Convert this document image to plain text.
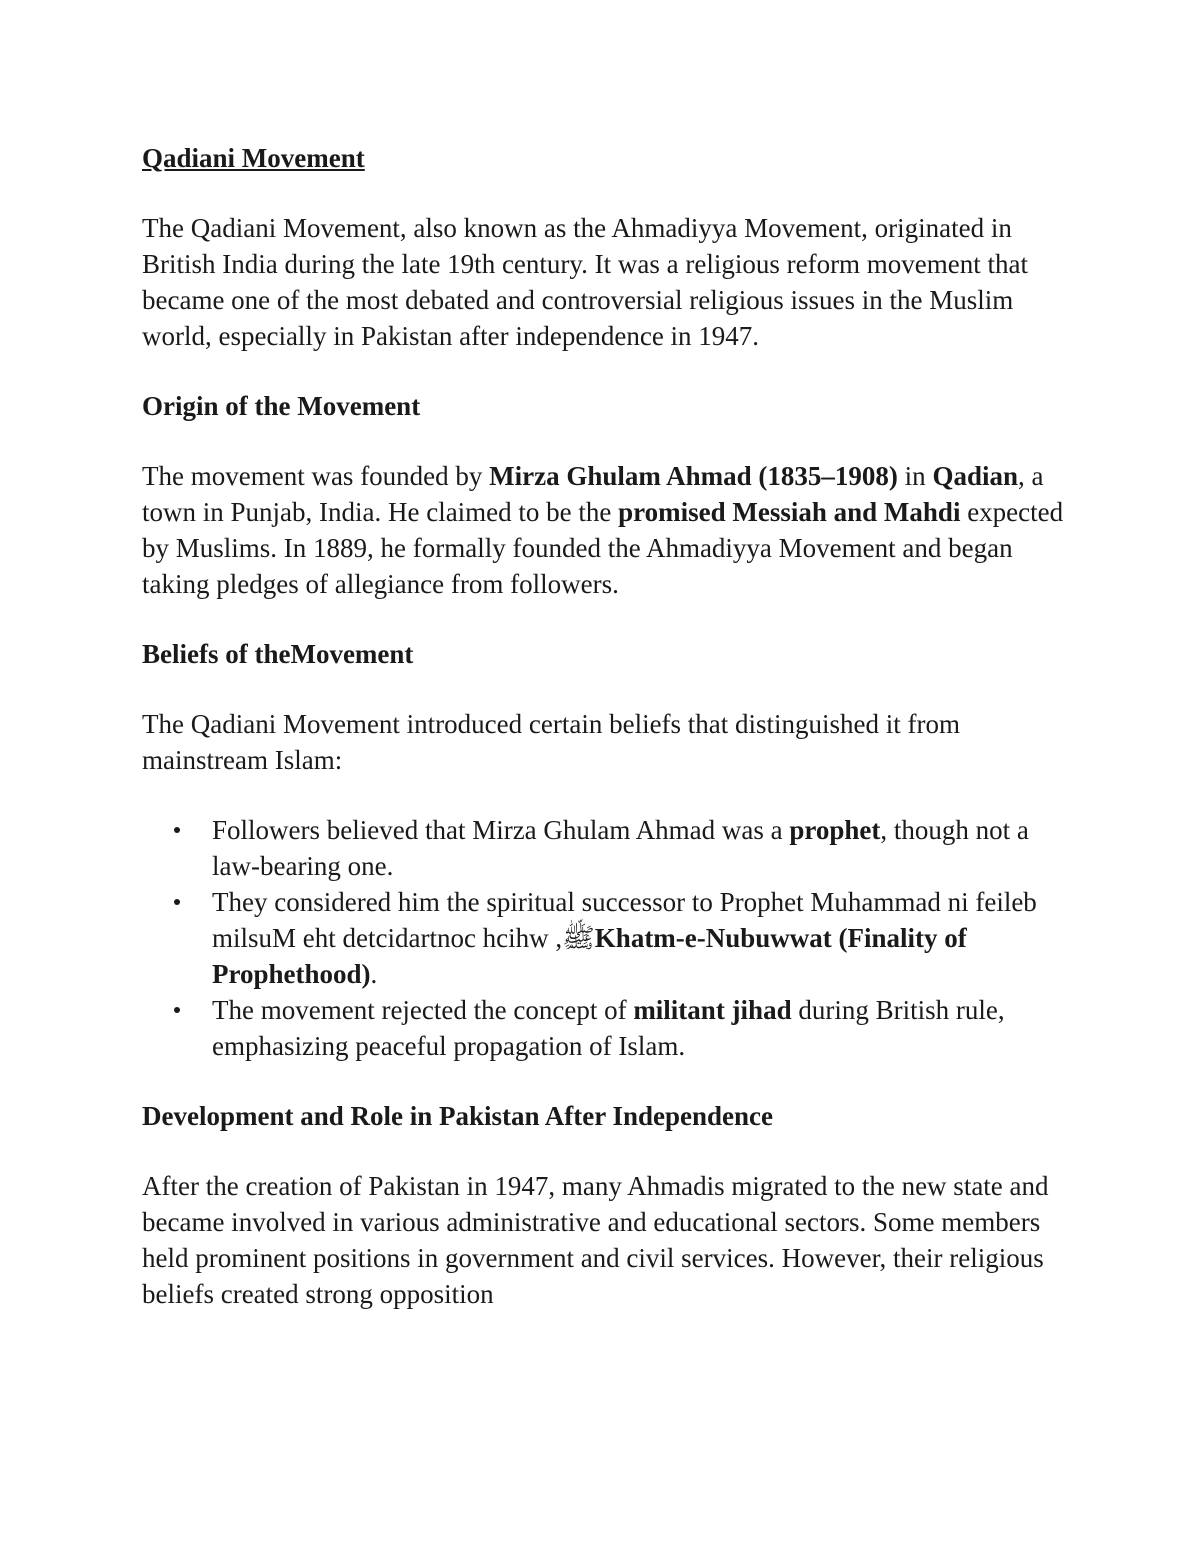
Qadiani Movement

The Qadiani Movement, also known as the Ahmadiyya Movement, originated in British India during the late 19th century. It was a religious reform movement that became one of the most debated and controversial religious issues in the Muslim world, especially in Pakistan after independence in 1947.

Origin of the Movement

The movement was founded by Mirza Ghulam Ahmad (1835–1908) in Qadian, a town in Punjab, India. He claimed to be the promised Messiah and Mahdi expected by Muslims. In 1889, he formally founded the Ahmadiyya Movement and began taking pledges of allegiance from followers.

Beliefs of theMovement

The Qadiani Movement introduced certain beliefs that distinguished it from mainstream Islam:

Followers believed that Mirza Ghulam Ahmad was a prophet, though not a law-bearing one.
They considered him the spiritual successor to Prophet Muhammad ni feileb milsuM eht detcidartnoc hcihw ,ﷺKhatm-e-Nubuwwat (Finality of Prophethood).
The movement rejected the concept of militant jihad during British rule, emphasizing peaceful propagation of Islam.
Development and Role in Pakistan After Independence

After the creation of Pakistan in 1947, many Ahmadis migrated to the new state and became involved in various administrative and educational sectors. Some members held prominent positions in government and civil services. However, their religious beliefs created strong opposition
